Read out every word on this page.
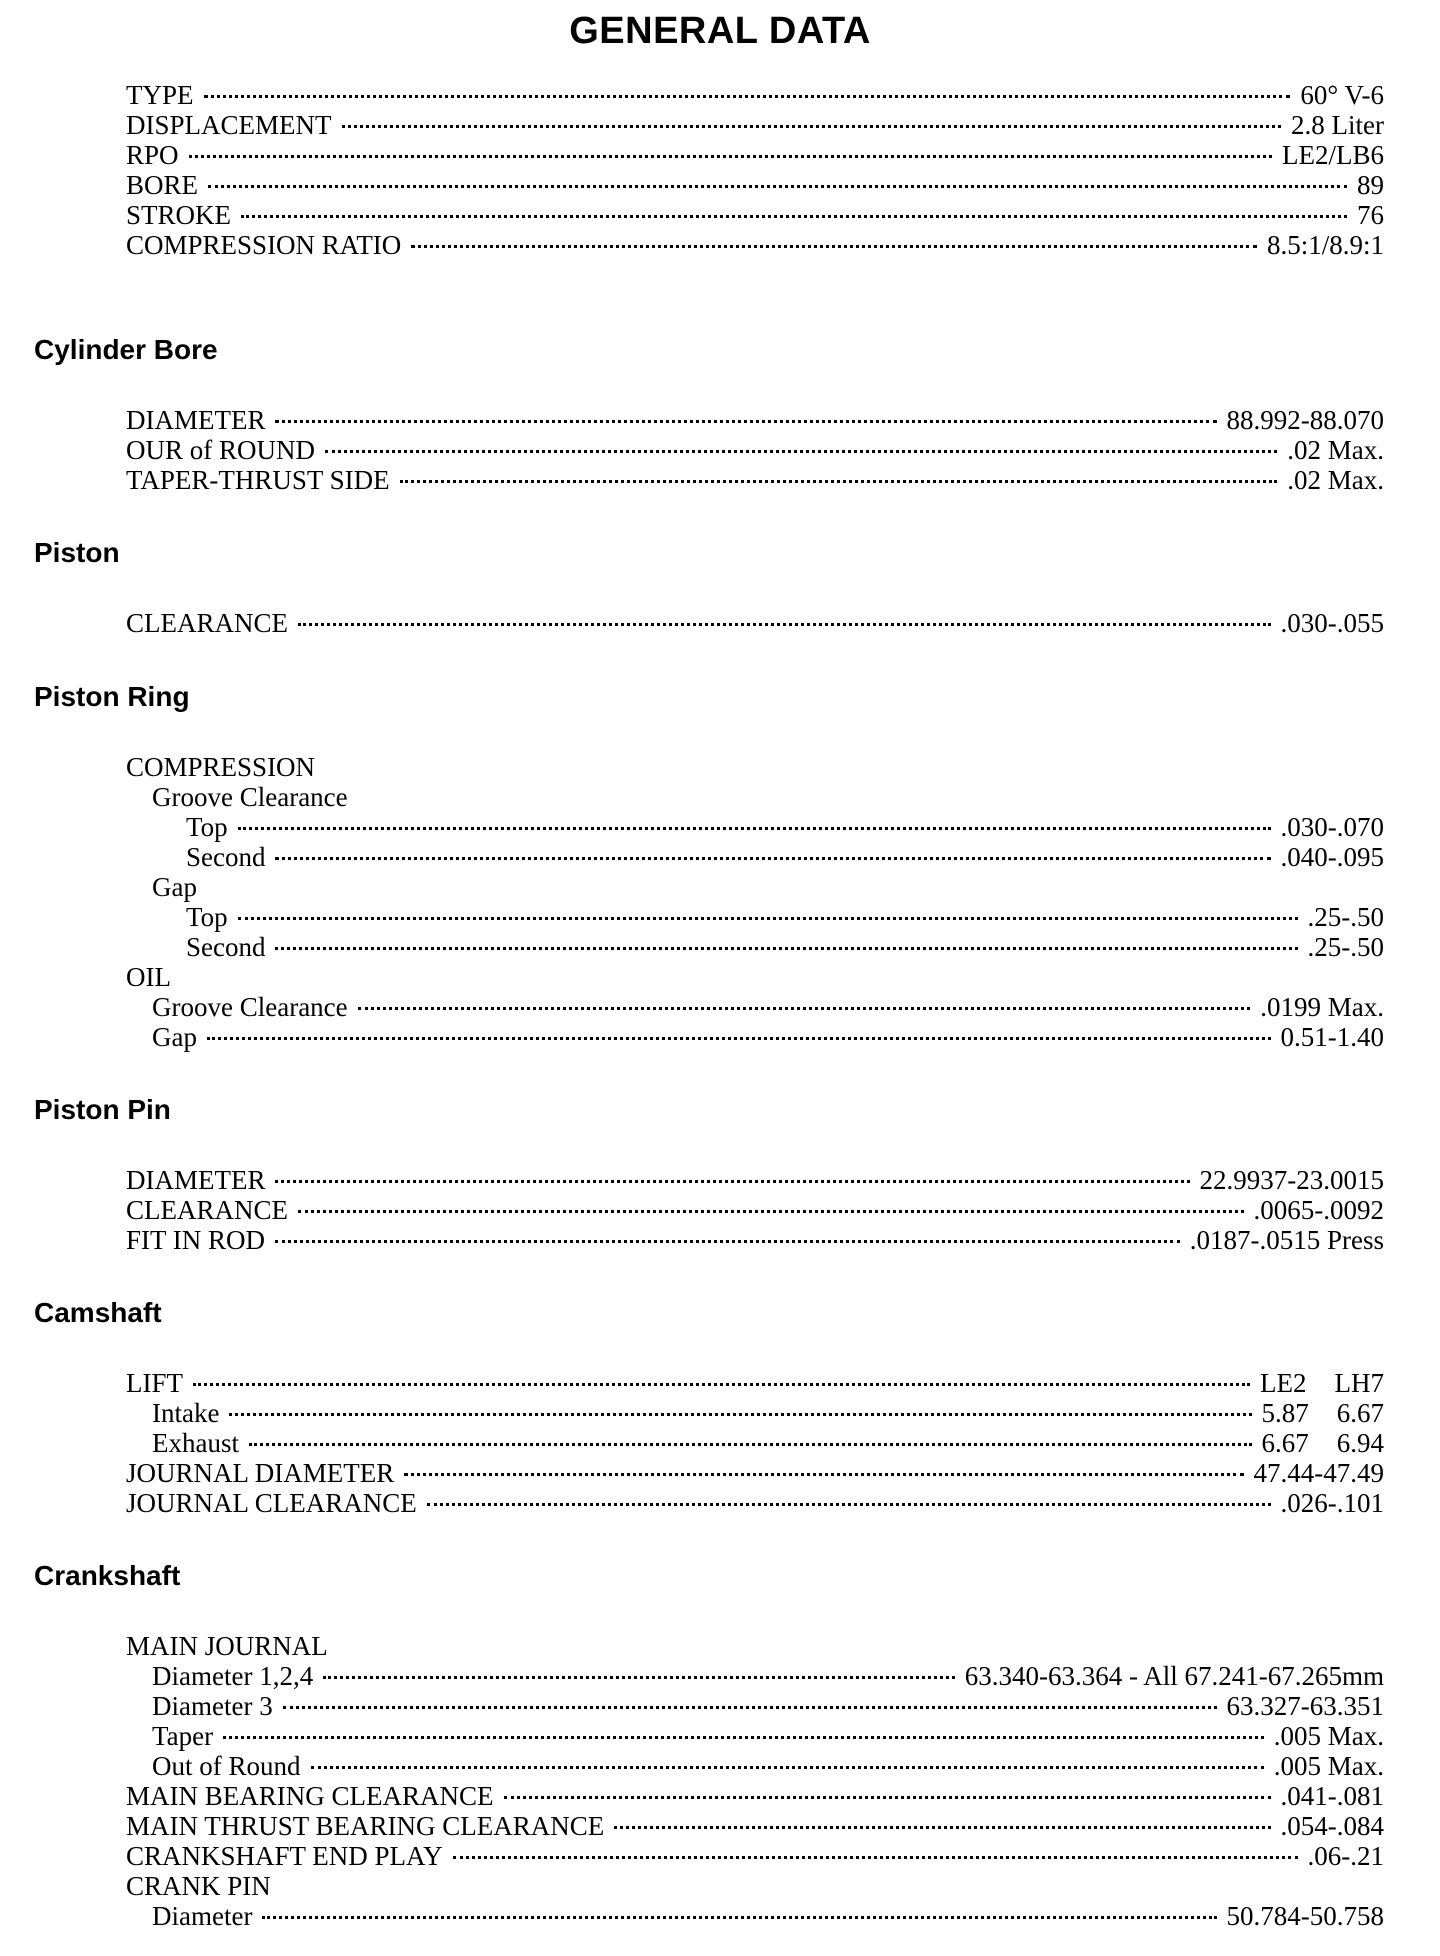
GENERAL DATA
TYPE	60° V-6
DISPLACEMENT	2.8 Liter
RPO	LE2/LB6
BORE	89
STROKE	76
COMPRESSION RATIO	8.5:1/8.9:1
Cylinder Bore
DIAMETER	88.992-88.070
OUR of ROUND	.02 Max.
TAPER-THRUST SIDE	.02 Max.
Piston
CLEARANCE	.030-.055
Piston Ring
COMPRESSION
Groove Clearance
Top	.030-.070
Second	.040-.095
Gap
Top	.25-.50
Second	.25-.50
OIL
Groove Clearance	.0199 Max.
Gap	0.51-1.40
Piston Pin
DIAMETER	22.9937-23.0015
CLEARANCE	.0065-.0092
FIT IN ROD	.0187-.0515 Press
Camshaft
LIFT	LE2 LH7
Intake	5.87 6.67
Exhaust	6.67 6.94
JOURNAL DIAMETER	47.44-47.49
JOURNAL CLEARANCE	.026-.101
Crankshaft
MAIN JOURNAL
Diameter 1,2,4	63.340-63.364 - All 67.241-67.265mm
Diameter 3	63.327-63.351
Taper	.005 Max.
Out of Round	.005 Max.
MAIN BEARING CLEARANCE	.041-.081
MAIN THRUST BEARING CLEARANCE	.054-.084
CRANKSHAFT END PLAY	.06-.21
CRANK PIN
Diameter	50.784-50.758
